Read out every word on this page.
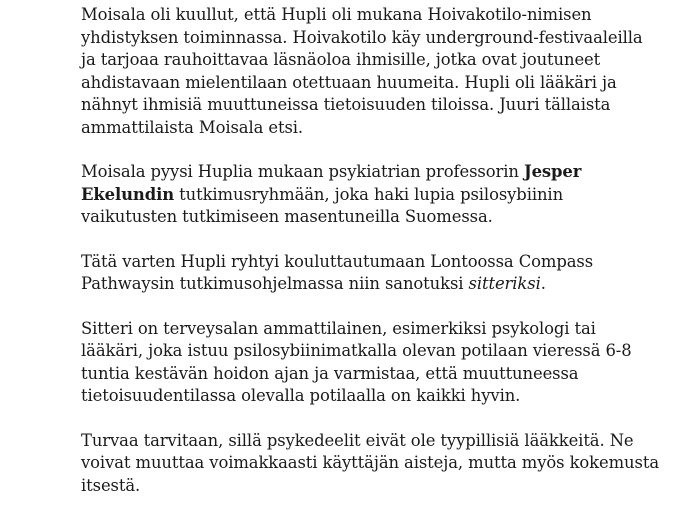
Moisala oli kuullut, että Hupli oli mukana Hoivakotilo-nimisen yhdistyksen toiminnassa. Hoivakotilo käy underground-festivaaleilla ja tarjoaa rauhoittavaa läsnäoloa ihmisille, jotka ovat joutuneet ahdistavaan mielentilaan otettuaan huumeita. Hupli oli lääkäri ja nähnyt ihmisiä muuttuneissa tietoisuuden tiloissa. Juuri tällaista ammattilaista Moisala etsi.

Moisala pyysi Huplia mukaan psykiatrian professorin Jesper Ekelundin tutkimusryhmään, joka haki lupia psilosybiinin vaikutusten tutkimiseen masentuneilla Suomessa.

Tätä varten Hupli ryhtyi kouluttautumaan Lontoossa Compass Pathwaysin tutkimusohjelmassa niin sanotuksi sitteriksi.

Sitteri on terveysalan ammattilainen, esimerkiksi psykologi tai lääkäri, joka istuu psilosybiinimatkalla olevan potilaan vieressä 6-8 tuntia kestävän hoidon ajan ja varmistaa, että muuttuneessa tietoisuudentilassa olevalla potilaalla on kaikki hyvin.

Turvaa tarvitaan, sillä psykedeelit eivät ole tyypillisiä lääkkeitä. Ne voivat muuttaa voimakkaasti käyttäjän aisteja, mutta myös kokemusta itsestä.
